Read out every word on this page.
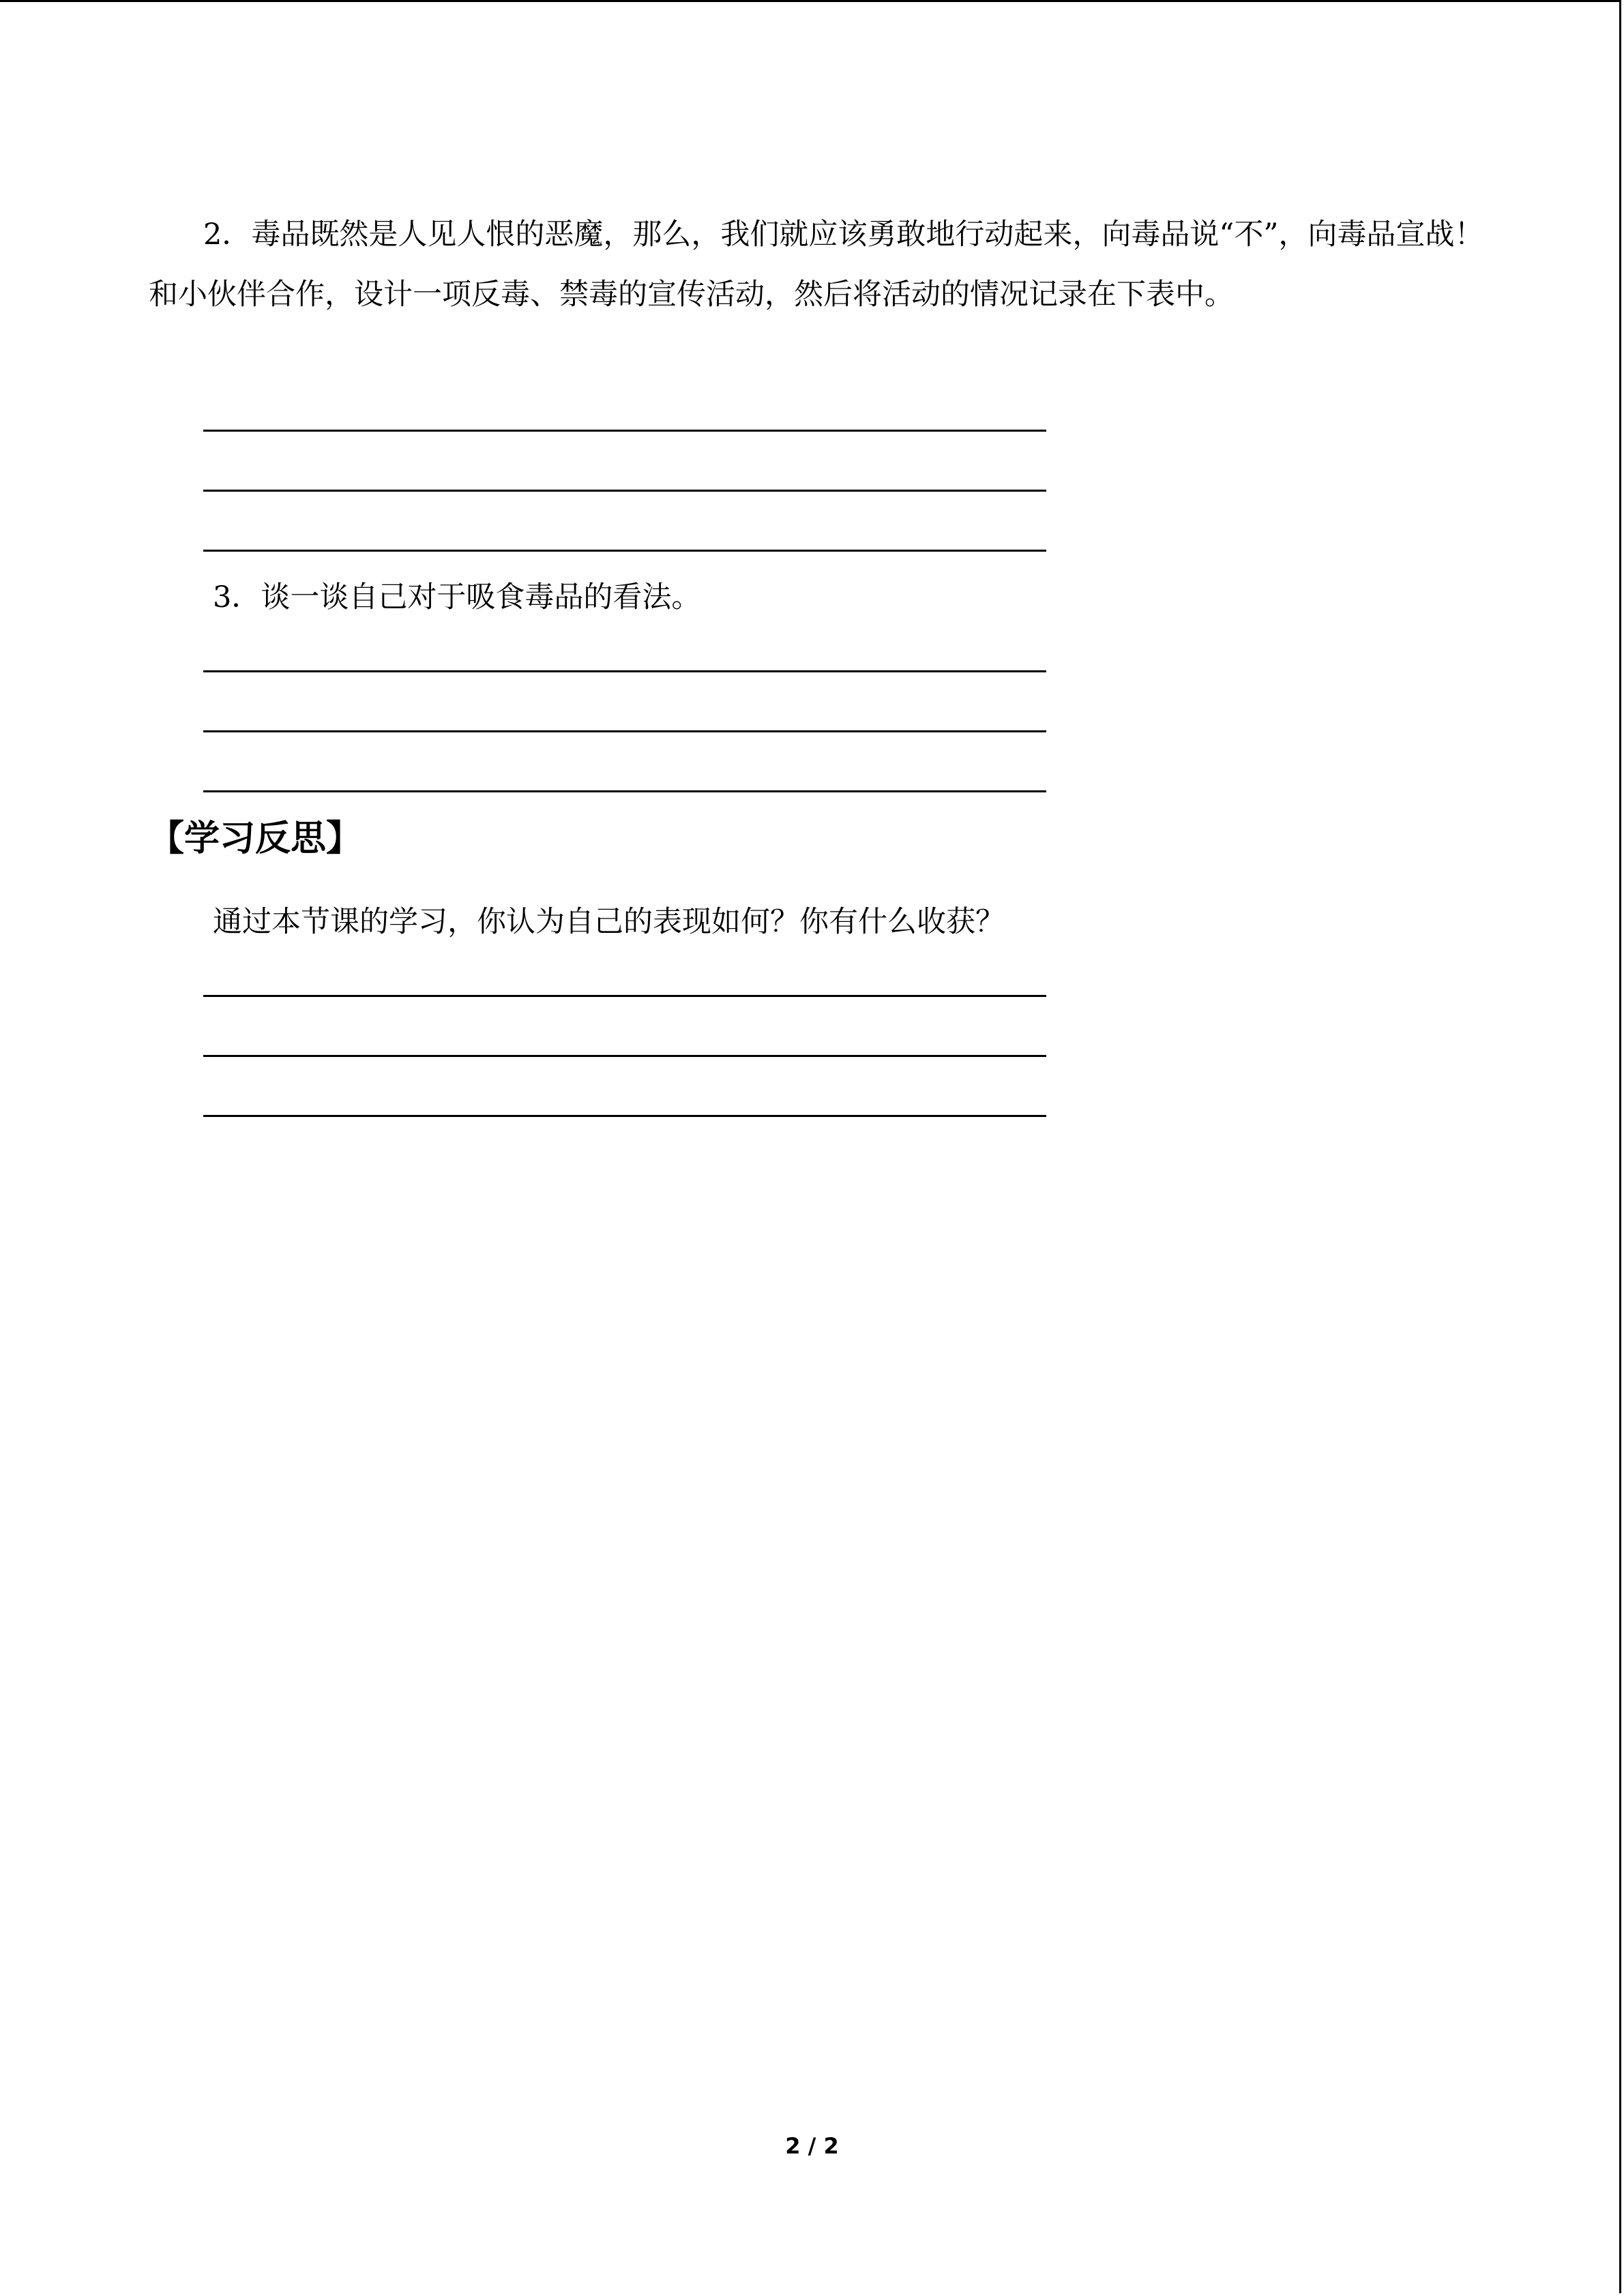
2．毒品既然是人见人恨的恶魔，那么，我们就应该勇敢地行动起来，向毒品说“不”，向毒品宣战！和小伙伴合作，设计一项反毒、禁毒的宣传活动，然后将活动的情况记录在下表中。

3．谈一谈自己对于吸食毒品的看法。

【学习反思】

通过本节课的学习，你认为自己的表现如何？你有什么收获？

2 / 2
